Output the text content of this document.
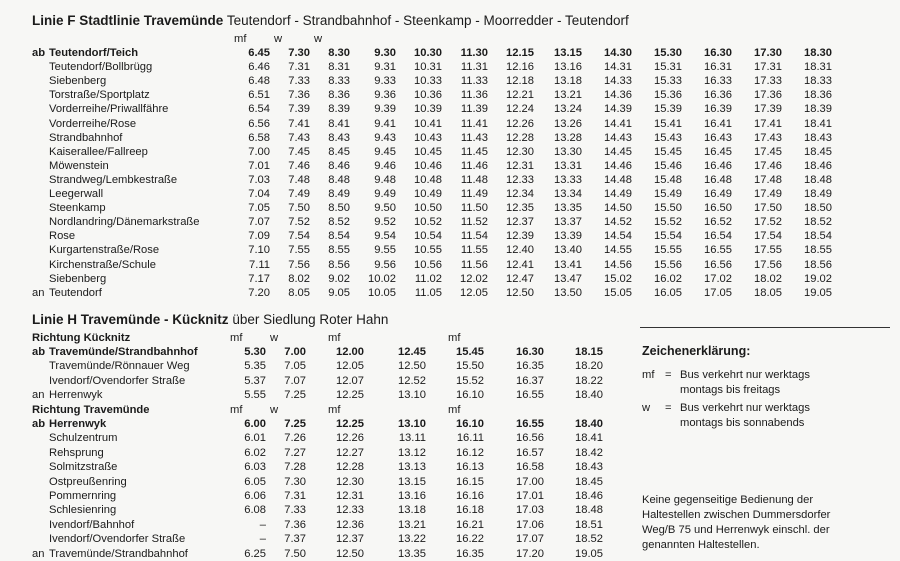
Linie F Stadtlinie Travemünde Teutendorf - Strandbahnhof - Steenkamp - Moorredder - Teutendorf
mf w	w
ab Teutendorf/Teich	6.45	7.30	8.30	9.30	10.30	11.30	12.15	13.15	14.30	15.30	16.30	17.30	18.30
Teutendorf/Bollbrügg	6.46	7.31	8.31	9.31	10.31	11.31	12.16	13.16	14.31	15.31	16.31	17.31	18.31
Siebenberg	6.48	7.33	8.33	9.33	10.33	11.33	12.18	13.18	14.33	15.33	16.33	17.33	18.33
Torstraße/Sportplatz	6.51	7.36	8.36	9.36	10.36	11.36	12.21	13.21	14.36	15.36	16.36	17.36	18.36
Vorderreihe/Priwallfähre	6.54	7.39	8.39	9.39	10.39	11.39	12.24	13.24	14.39	15.39	16.39	17.39	18.39
Vorderreihe/Rose	6.56	7.41	8.41	9.41	10.41	11.41	12.26	13.26	14.41	15.41	16.41	17.41	18.41
Strandbahnhof	6.58	7.43	8.43	9.43	10.43	11.43	12.28	13.28	14.43	15.43	16.43	17.43	18.43
Kaiserallee/Fallreep	7.00	7.45	8.45	9.45	10.45	11.45	12.30	13.30	14.45	15.45	16.45	17.45	18.45
Möwenstein	7.01	7.46	8.46	9.46	10.46	11.46	12.31	13.31	14.46	15.46	16.46	17.46	18.46
Strandweg/Lembkestraße	7.03	7.48	8.48	9.48	10.48	11.48	12.33	13.33	14.48	15.48	16.48	17.48	18.48
Leegerwall	7.04	7.49	8.49	9.49	10.49	11.49	12.34	13.34	14.49	15.49	16.49	17.49	18.49
Steenkamp	7.05	7.50	8.50	9.50	10.50	11.50	12.35	13.35	14.50	15.50	16.50	17.50	18.50
Nordlandring/Dänemarkstraße	7.07	7.52	8.52	9.52	10.52	11.52	12.37	13.37	14.52	15.52	16.52	17.52	18.52
Rose	7.09	7.54	8.54	9.54	10.54	11.54	12.39	13.39	14.54	15.54	16.54	17.54	18.54
Kurgartenstraße/Rose	7.10	7.55	8.55	9.55	10.55	11.55	12.40	13.40	14.55	15.55	16.55	17.55	18.55
Kirchenstraße/Schule	7.11	7.56	8.56	9.56	10.56	11.56	12.41	13.41	14.56	15.56	16.56	17.56	18.56
Siebenberg	7.17	8.02	9.02	10.02	11.02	12.02	12.47	13.47	15.02	16.02	17.02	18.02	19.02
an Teutendorf	7.20	8.05	9.05	10.05	11.05	12.05	12.50	13.50	15.05	16.05	17.05	18.05	19.05
Linie H Travemünde - Kücknitz über Siedlung Roter Hahn
Richtung Kücknitz	mf w	mf	mf
ab Travemünde/Strandbahnhof	5.30	7.00	12.00	12.45	15.45	16.30	18.15
Travemünde/Rönnauer Weg	5.35	7.05	12.05	12.50	15.50	16.35	18.20
Ivendorf/Ovendorfer Straße	5.37	7.07	12.07	12.52	15.52	16.37	18.22
an Herrenwyk	5.55	7.25	12.25	13.10	16.10	16.55	18.40
Richtung Travemünde	mf w	mf	mf
ab Herrenwyk	6.00	7.25	12.25	13.10	16.10	16.55	18.40
Schulzentrum	6.01	7.26	12.26	13.11	16.11	16.56	18.41
Rehsprung	6.02	7.27	12.27	13.12	16.12	16.57	18.42
Solmitzstraße	6.03	7.28	12.28	13.13	16.13	16.58	18.43
Ostpreußenring	6.05	7.30	12.30	13.15	16.15	17.00	18.45
Pommernring	6.06	7.31	12.31	13.16	16.16	17.01	18.46
Schlesienring	6.08	7.33	12.33	13.18	16.18	17.03	18.48
Ivendorf/Bahnhof	–	7.36	12.36	13.21	16.21	17.06	18.51
Ivendorf/Ovendorfer Straße	–	7.37	12.37	13.22	16.22	17.07	18.52
an Travemünde/Strandbahnhof	6.25	7.50	12.50	13.35	16.35	17.20	19.05
Zeichenerklärung:
mf = Bus verkehrt nur werktags
montags bis freitags
w = Bus verkehrt nur werktags
montags bis sonnabends
Keine gegenseitige Bedienung der
Haltestellen zwischen Dummersdorfer
Weg/B 75 und Herrenwyk einschl. der
genannten Haltestellen.
